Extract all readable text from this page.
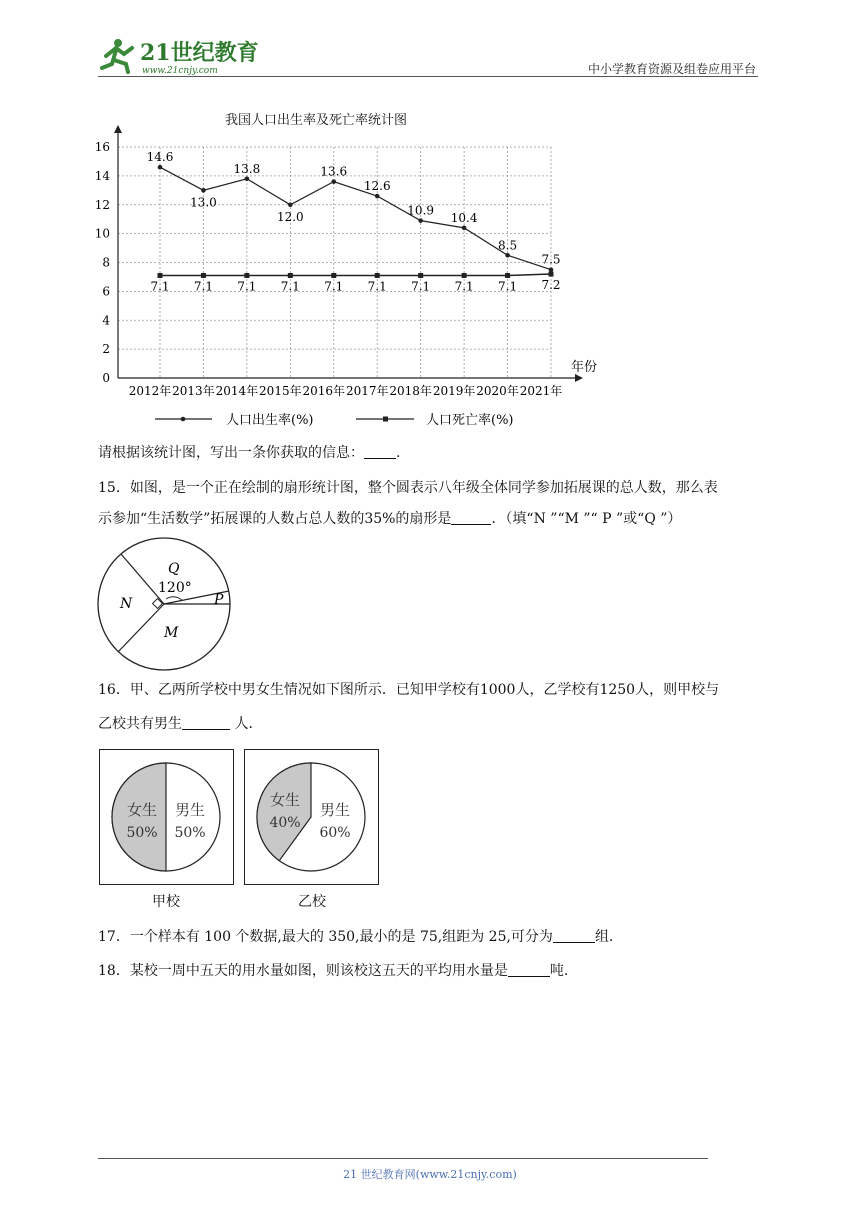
21世纪教育
www.21cnjy.com	中小学教育资源及组卷应用平台
我国人口出生率及死亡率统计图
0
2
4
6
8
10
12
14
16
2012年 2013年 2014年 2015年 2016年 2017年 2018年 2019年 2020年 2021年
年份
14.6
13.0
13.8
12.0
13.6
12.6
10.9
10.4
8.5
7.5
7.1 7.1 7.1 7.1 7.1 7.1 7.1 7.1 7.1 7.2
人口出生率(%)	人口死亡率(%)
请根据该统计图，写出一条你获取的信息： .
15．如图，是一个正在绘制的扇形统计图，整个圆表示八年级全体同学参加拓展课的总人数，那么表
示参加“生活数学”拓展课的人数占总人数的35%的扇形是	．（填“N ”“M ”“ P ”或“Q ”）
Q
120°
N
M
P
16．甲、乙两所学校中男女生情况如下图所示．已知甲学校有1000人，乙学校有1250人，则甲校与
乙校共有男生	人．
女生
50%
男生
50%
甲校
女生
40%
男生
60%
乙校
17．一个样本有 100 个数据,最大的 350,最小的是 75,组距为 25,可分为	组.
18．某校一周中五天的用水量如图，则该校这五天的平均用水量是	吨.
21 世纪教育网(www.21cnjy.com)
